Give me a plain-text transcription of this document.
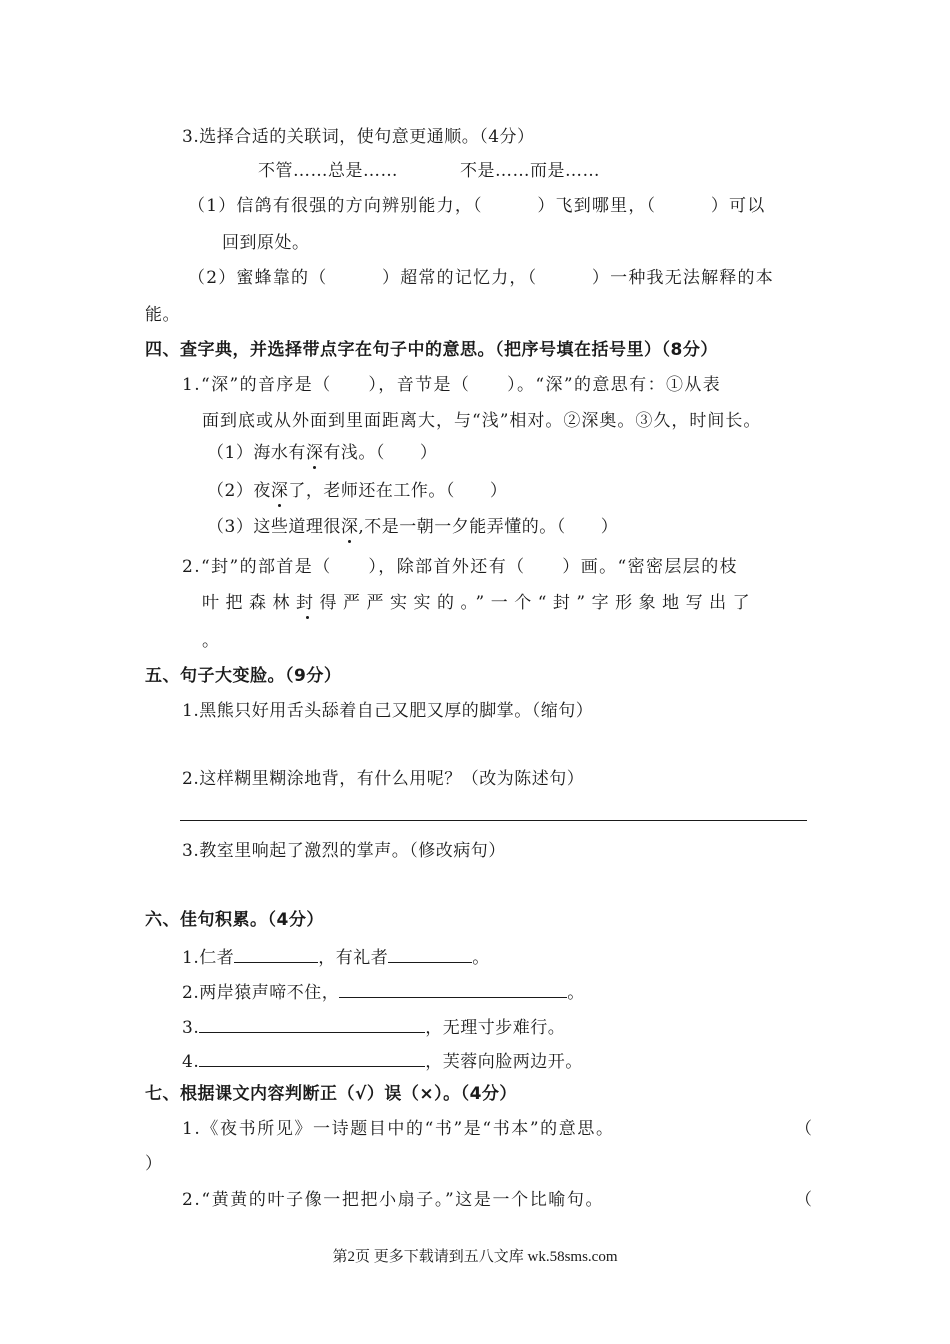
3.选择合适的关联词，使句意更通顺。（4分）
不管……总是……	不是……而是……
（1）信鸽有很强的方向辨别能力，（　　　）飞到哪里，（　　　）可以
回到原处。
（2）蜜蜂靠的（　　　）超常的记忆力，（　　　）一种我无法解释的本
能。
四、查字典，并选择带点字在句子中的意思。（把序号填在括号里）（8分）
1.“深”的音序是（　　），音节是（　　）。“深”的意思有：①从表
面到底或从外面到里面距离大，与“浅”相对。②深奥。③久，时间长。
（1）海水有深有浅。（　　）
（2）夜深了，老师还在工作。（　　）
（3）这些道理很深,不是一朝一夕能弄懂的。（　　）
2.“封”的部首是（　　），除部首外还有（　　）画。“密密层层的枝
叶把森林封得严严实实的。”一个“封”字形象地写出了
。
五、句子大变脸。（9分）
1.黑熊只好用舌头舔着自己又肥又厚的脚掌。（缩句）
2.这样糊里糊涂地背，有什么用呢？（改为陈述句）
3.教室里响起了激烈的掌声。（修改病句）
六、佳句积累。（4分）
1.仁者	，有礼者	。
2.两岸猿声啼不住，	。
3.	，无理寸步难行。
4.	，芙蓉向脸两边开。
七、根据课文内容判断正（√）误（×）。（4分）
1.《夜书所见》一诗题目中的“书”是“书本”的意思。	（
）
2.“黄黄的叶子像一把把小扇子。”这是一个比喻句。	（
第2页 更多下载请到五八文库 wk.58sms.com
